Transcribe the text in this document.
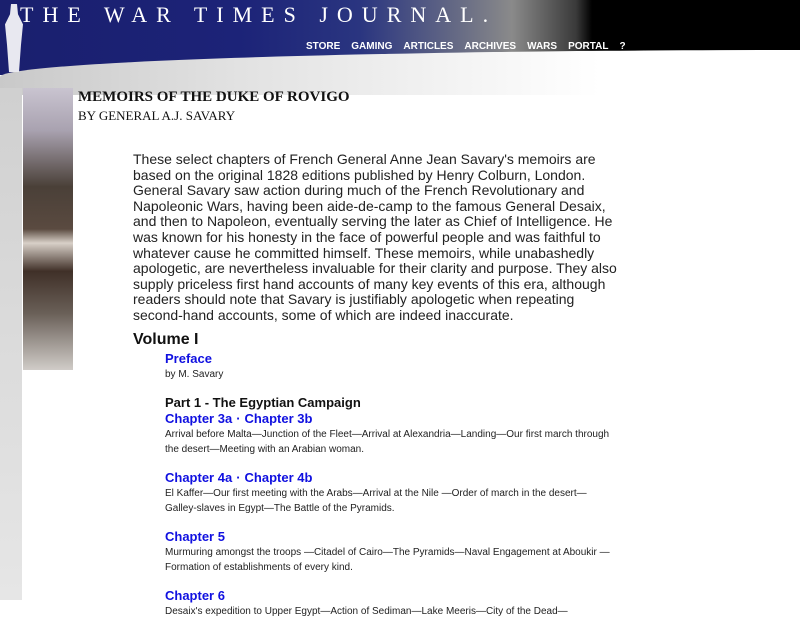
THE WAR TIMES JOURNAL.
STORE GAMING ARTICLES ARCHIVES WARS PORTAL ?
MEMOIRS OF THE DUKE OF ROVIGO
BY GENERAL A.J. SAVARY

These select chapters of French General Anne Jean Savary's memoirs are based on the original 1828 editions published by Henry Colburn, London. General Savary saw action during much of the French Revolutionary and Napoleonic Wars, having been aide-de-camp to the famous General Desaix, and then to Napoleon, eventually serving the later as Chief of Intelligence. He was known for his honesty in the face of powerful people and was faithful to whatever cause he committed himself. These memoirs, while unabashedly apologetic, are nevertheless invaluable for their clarity and purpose. They also supply priceless first hand accounts of many key events of this era, although readers should note that Savary is justifiably apologetic when repeating second-hand accounts, some of which are indeed inaccurate.

Volume I
Preface
by M. Savary
Part 1 - The Egyptian Campaign
Chapter 3a · Chapter 3b
Arrival before Malta—Junction of the Fleet—Arrival at Alexandria—Landing—Our first march through the desert—Meeting with an Arabian woman.
Chapter 4a · Chapter 4b
El Kaffer—Our first meeting with the Arabs—Arrival at the Nile —Order of march in the desert—Galley-slaves in Egypt—The Battle of the Pyramids.
Chapter 5
Murmuring amongst the troops —Citadel of Cairo—The Pyramids—Naval Engagement at Aboukir — Formation of establishments of every kind.
Chapter 6
Desaix's expedition to Upper Egypt—Action of Sediman—Lake Meeris—City of the Dead—
